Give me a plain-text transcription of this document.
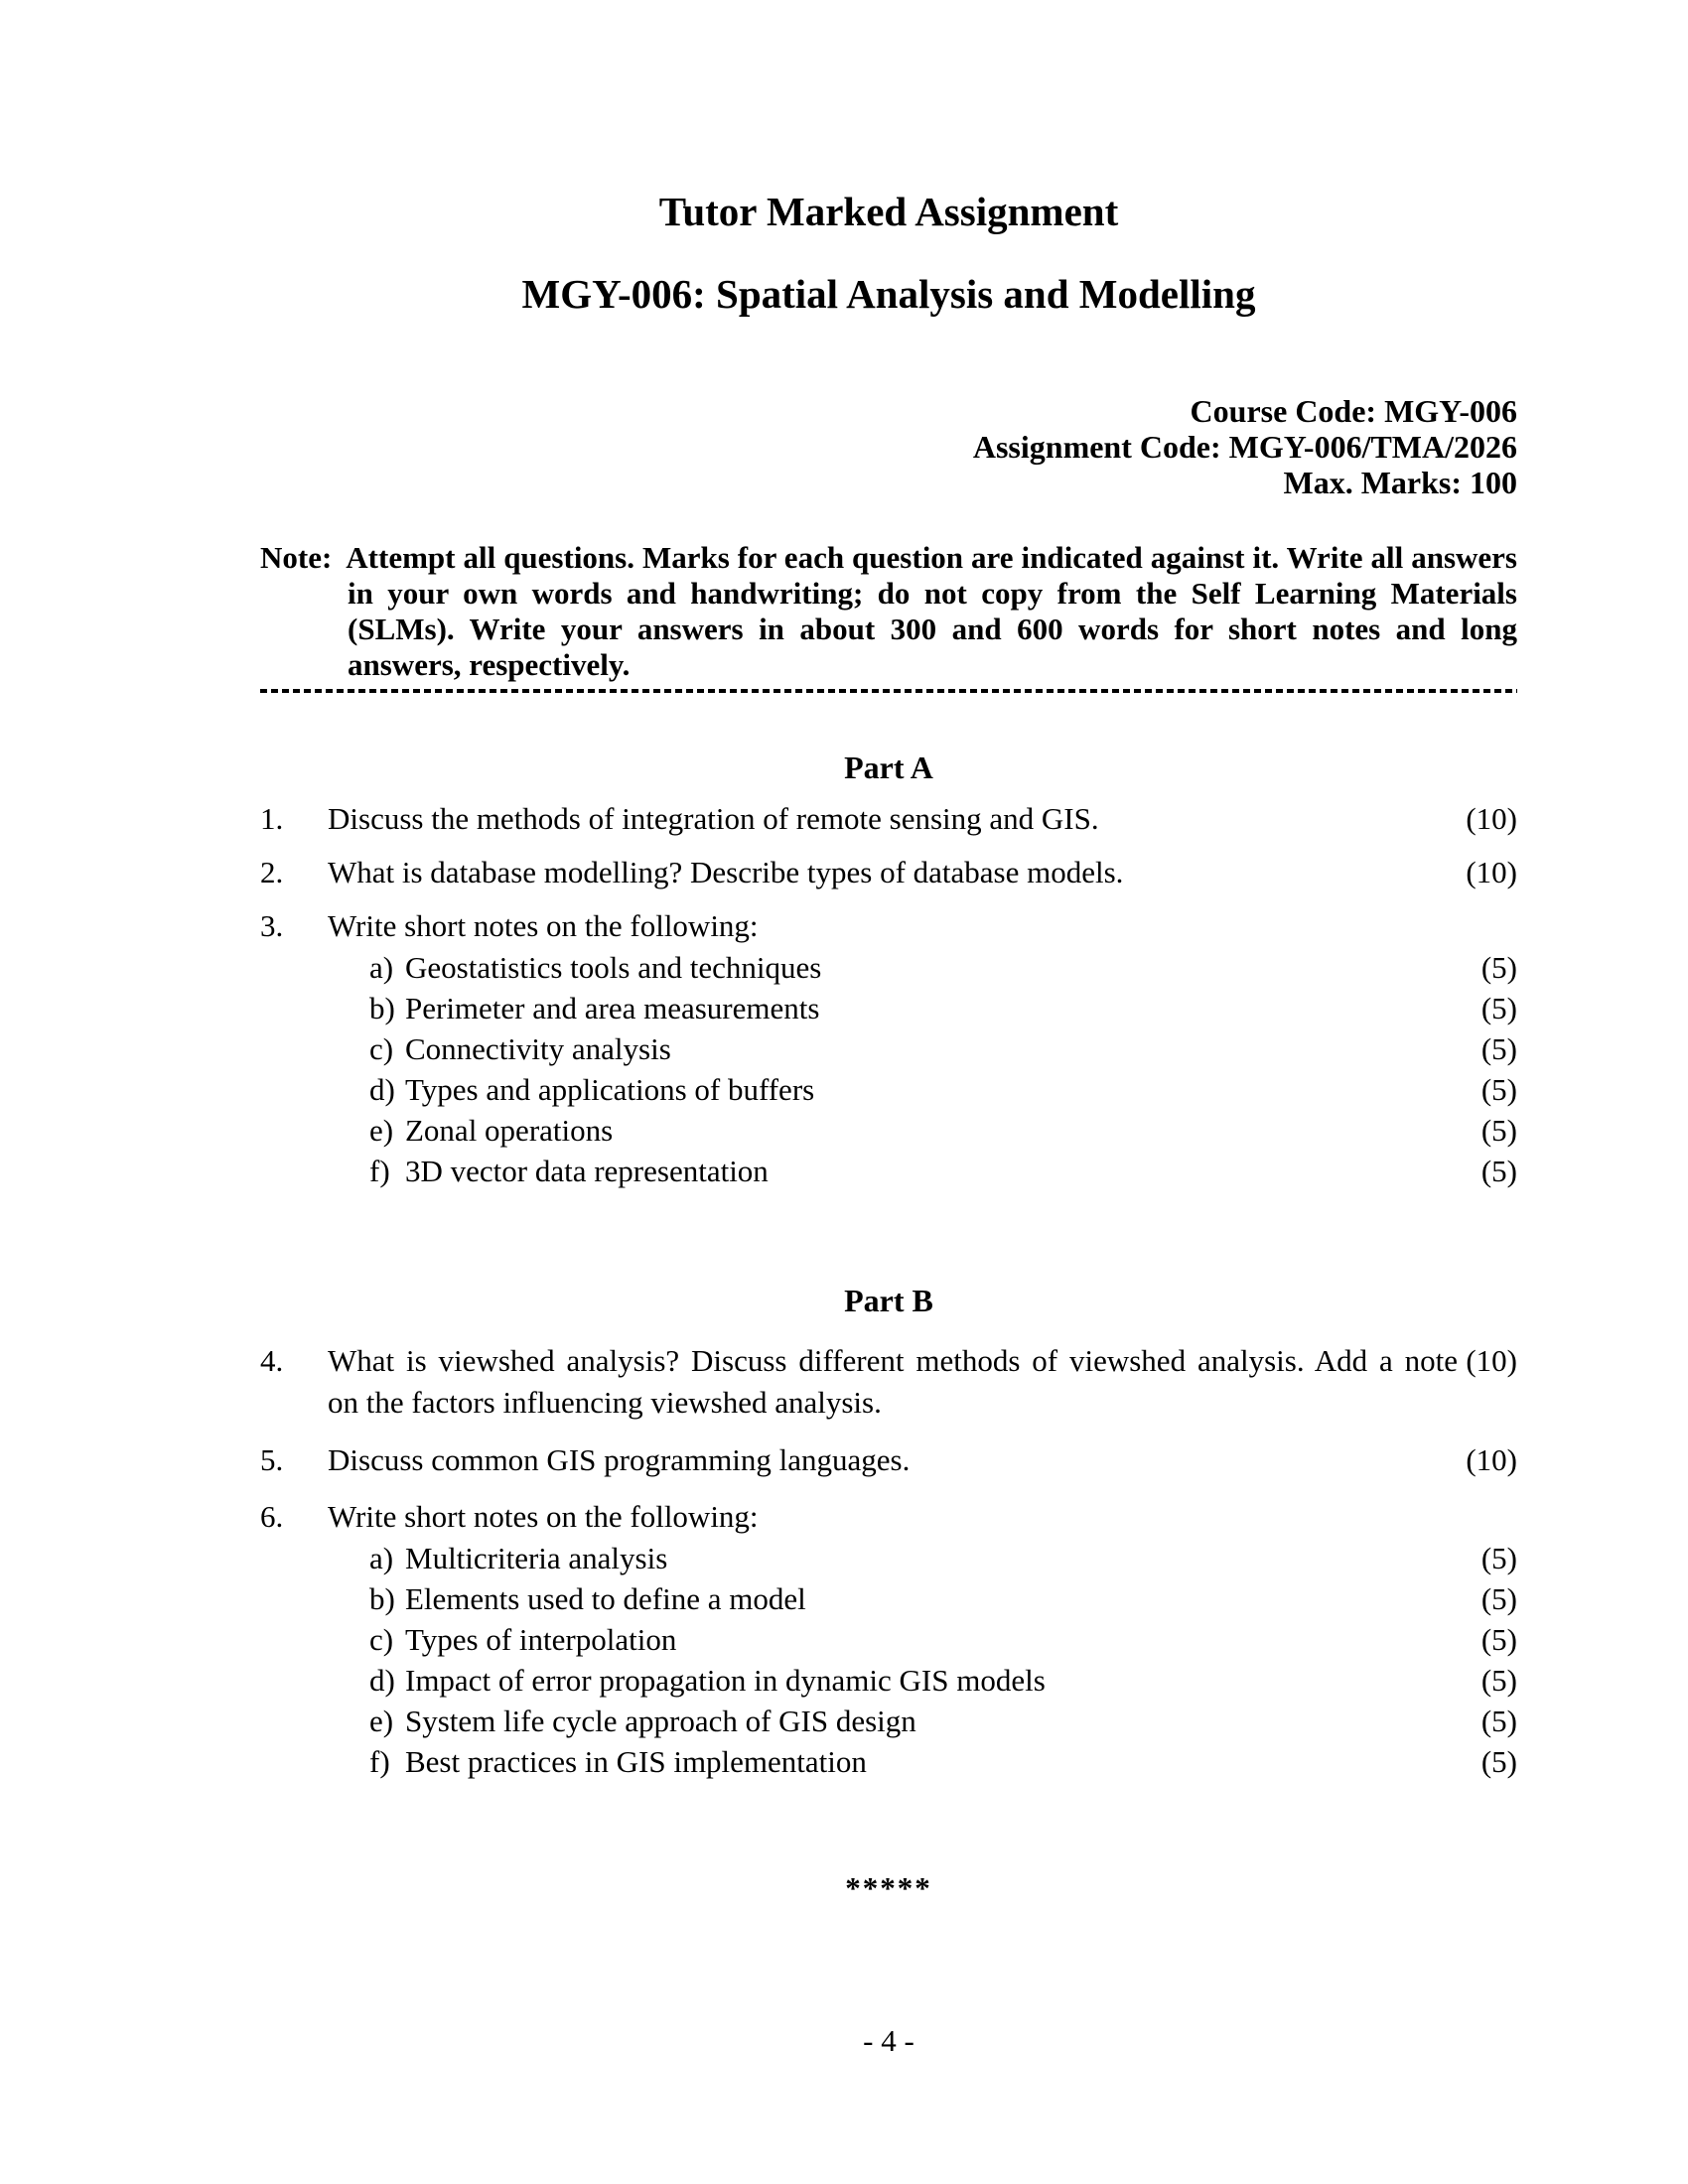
Tutor Marked Assignment
MGY-006: Spatial Analysis and Modelling
Course Code: MGY-006
Assignment Code: MGY-006/TMA/2026
Max. Marks: 100

Note: Attempt all questions. Marks for each question are indicated against it. Write all answers in your own words and handwriting; do not copy from the Self Learning Materials (SLMs). Write your answers in about 300 and 600 words for short notes and long answers, respectively.

Part A
1.	Discuss the methods of integration of remote sensing and GIS.	(10)
2.	What is database modelling? Describe types of database models.	(10)
3.	Write short notes on the following:
a) Geostatistics tools and techniques	(5)
b) Perimeter and area measurements	(5)
c) Connectivity analysis	(5)
d) Types and applications of buffers	(5)
e) Zonal operations	(5)
f) 3D vector data representation	(5)
Part B
4.	What is viewshed analysis? Discuss different methods of viewshed analysis. Add a note
on the factors influencing viewshed analysis.
(10)
5.	Discuss common GIS programming languages.	(10)
6.	Write short notes on the following:
a) Multicriteria analysis	(5)
b) Elements used to define a model	(5)
c) Types of interpolation	(5)
d) Impact of error propagation in dynamic GIS models	(5)
e) System life cycle approach of GIS design	(5)
f) Best practices in GIS implementation	(5)
*****
- 4 -
